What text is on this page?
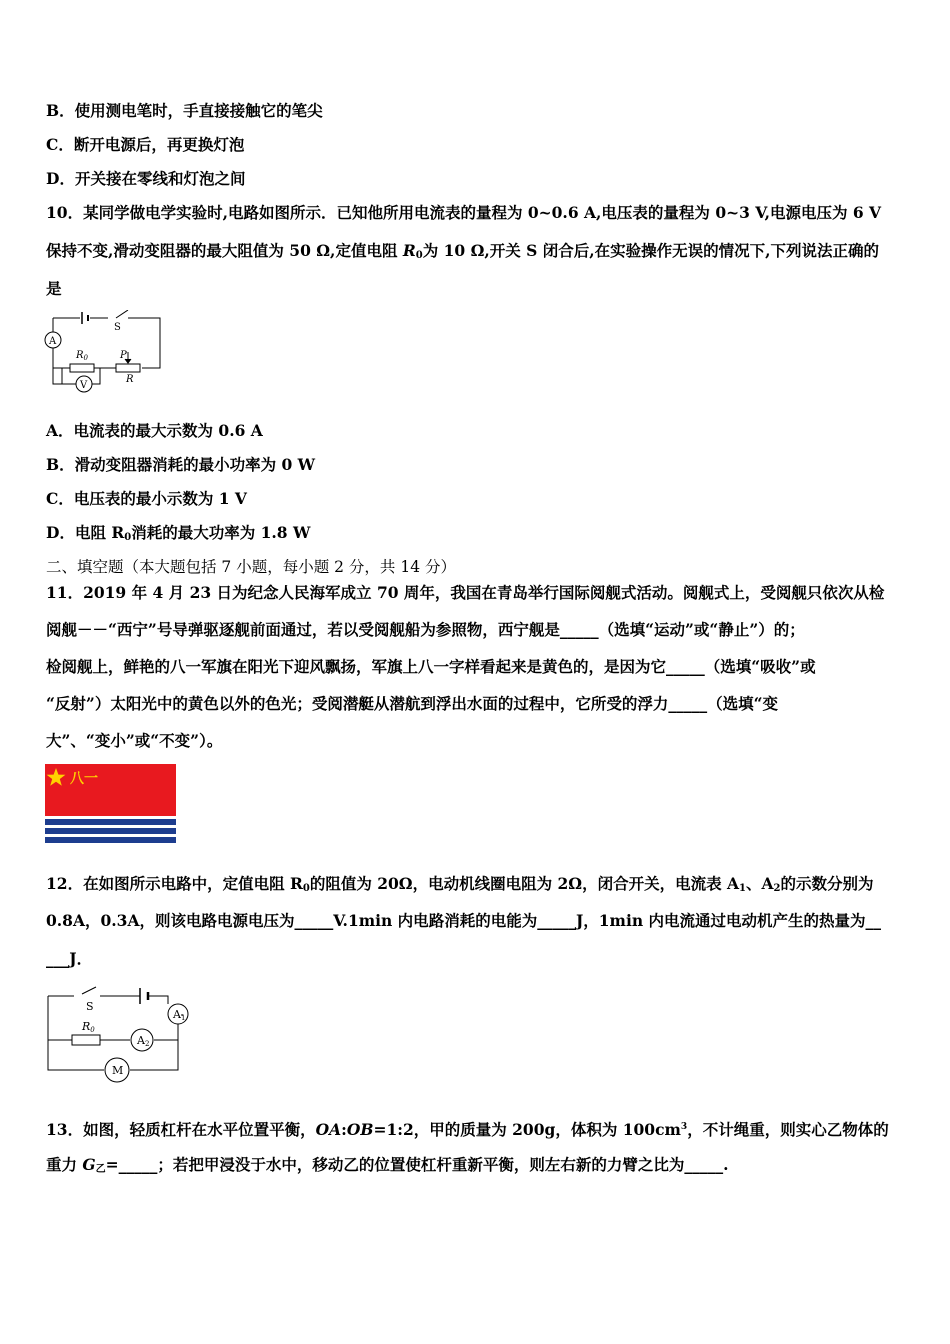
B．使用测电笔时，手直接接触它的笔尖
C．断开电源后，再更换灯泡
D．开关接在零线和灯泡之间
10．某同学做电学实验时,电路如图所示．已知他所用电流表的量程为 0~0.6 A,电压表的量程为 0~3 V,电源电压为 6 V
保持不变,滑动变阻器的最大阻值为 50 Ω,定值电阻 $R_0$为 10 Ω,开关 S 闭合后,在实验操作无误的情况下,下列说法正确的
是
A
V
S
$R_0$	P
R
A．电流表的最大示数为 0.6 A
B．滑动变阻器消耗的最小功率为 0 W
C．电压表的最小示数为 1 V
D．电阻 $R_0$消耗的最大功率为 1.8 W
二、填空题（本大题包括 7 小题，每小题 2 分，共 14 分）
11．2019 年 4 月 23 日为纪念人民海军成立 70 周年，我国在青岛举行国际阅舰式活动。阅舰式上，受阅舰只依次从检
阅舰－－“西宁”号导弹驱逐舰前面通过，若以受阅舰船为参照物，西宁舰是_____（选填“运动”或“静止”）的；
检阅舰上，鲜艳的八一军旗在阳光下迎风飘扬，军旗上八一字样看起来是黄色的，是因为它_____（选填“吸收”或
“反射”）太阳光中的黄色以外的色光；受阅潜艇从潜航到浮出水面的过程中，它所受的浮力_____（选填“变
大”、“变小”或“不变”）。
八一
12．在如图所示电路中，定值电阻 $R_0$的阻值为 20Ω，电动机线圈电阻为 2Ω，闭合开关，电流表 $A_1$、$A_2$的示数分别为
0.8A，0.3A，则该电路电源电压为_____V.1min 内电路消耗的电能为_____J，1min 内电流通过电动机产生的热量为__
___J．
S
A1
A2
R0
M
13．如图，轻质杠杆在水平位置平衡，OA:OB=1:2，甲的质量为 200g，体积为 $100cm^3$，不计绳重，则实心乙物体的
重力 $G_乙=\_\_\_\_\_$；若把甲浸没于水中，移动乙的位置使杠杆重新平衡，则左右新的力臂之比为_____.
